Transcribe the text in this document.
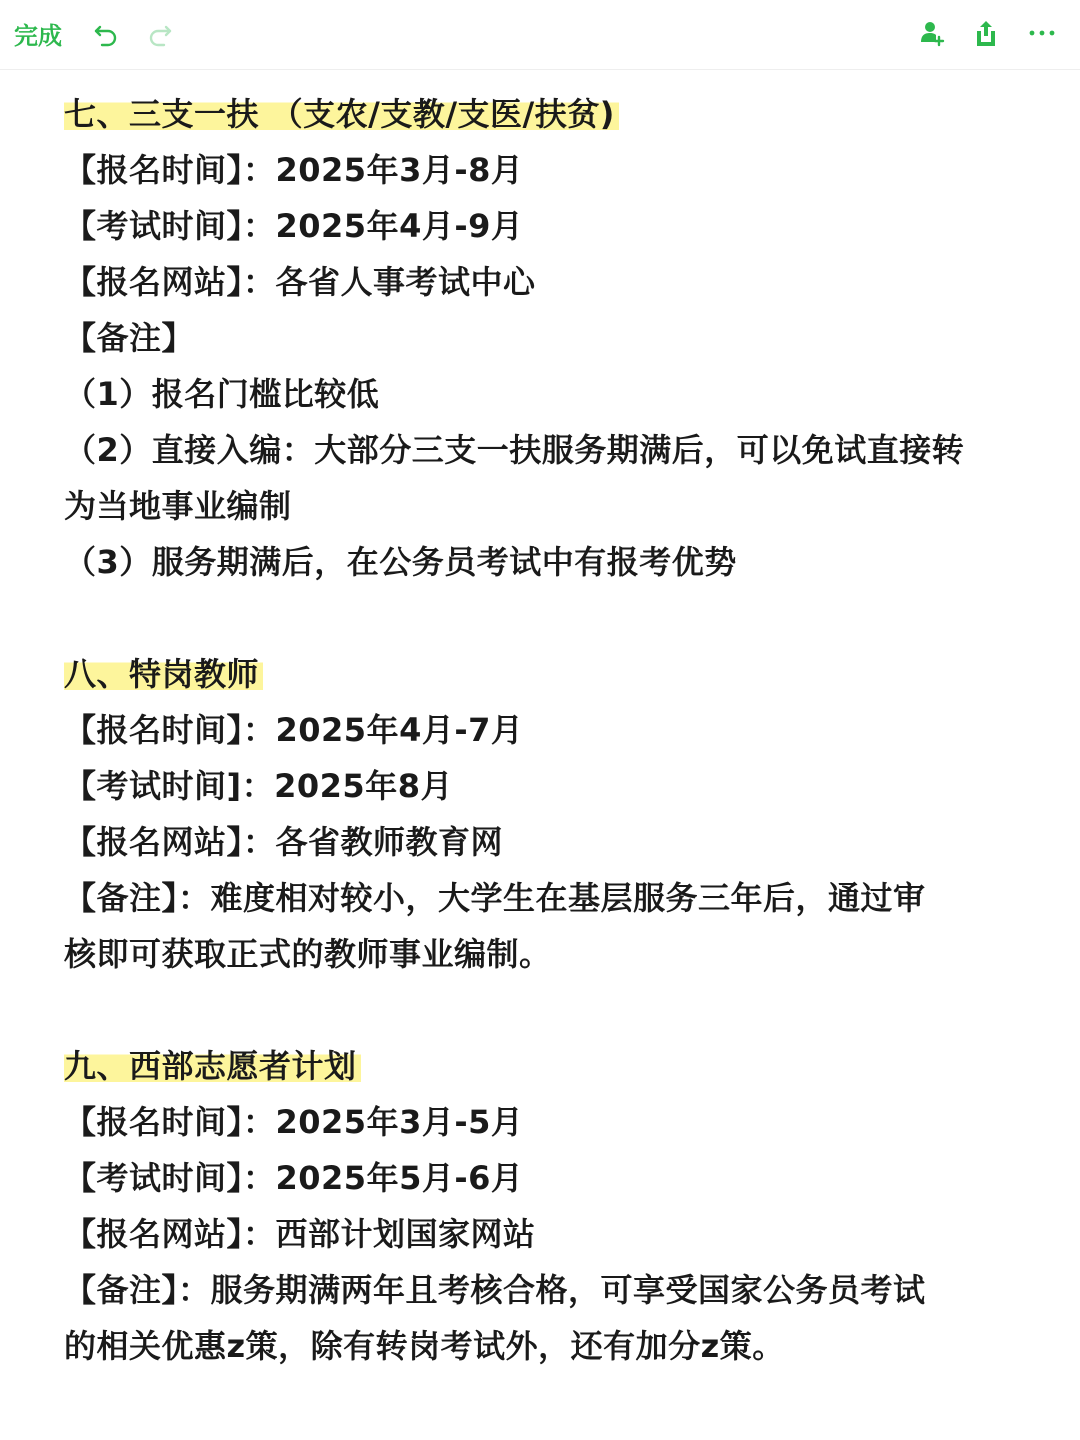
完成
七、三支一扶 （支农/支教/支医/扶贫)
【报名时间】：2025年3月-8月
【考试时间】：2025年4月-9月
【报名网站】：各省人事考试中心
【备注】
（1）报名门槛比较低
（2）直接入编：大部分三支一扶服务期满后，可以免试直接转
为当地事业编制
（3）服务期满后，在公务员考试中有报考优势
八、特岗教师
【报名时间】：2025年4月-7月
【考试时间]：2025年8月
【报名网站】：各省教师教育网
【备注】：难度相对较小，大学生在基层服务三年后，通过审
核即可获取正式的教师事业编制。
九、西部志愿者计划
【报名时间】：2025年3月-5月
【考试时间】：2025年5月-6月
【报名网站】：西部计划国家网站
【备注】：服务期满两年且考核合格，可享受国家公务员考试
的相关优惠z策，除有转岗考试外，还有加分z策。
